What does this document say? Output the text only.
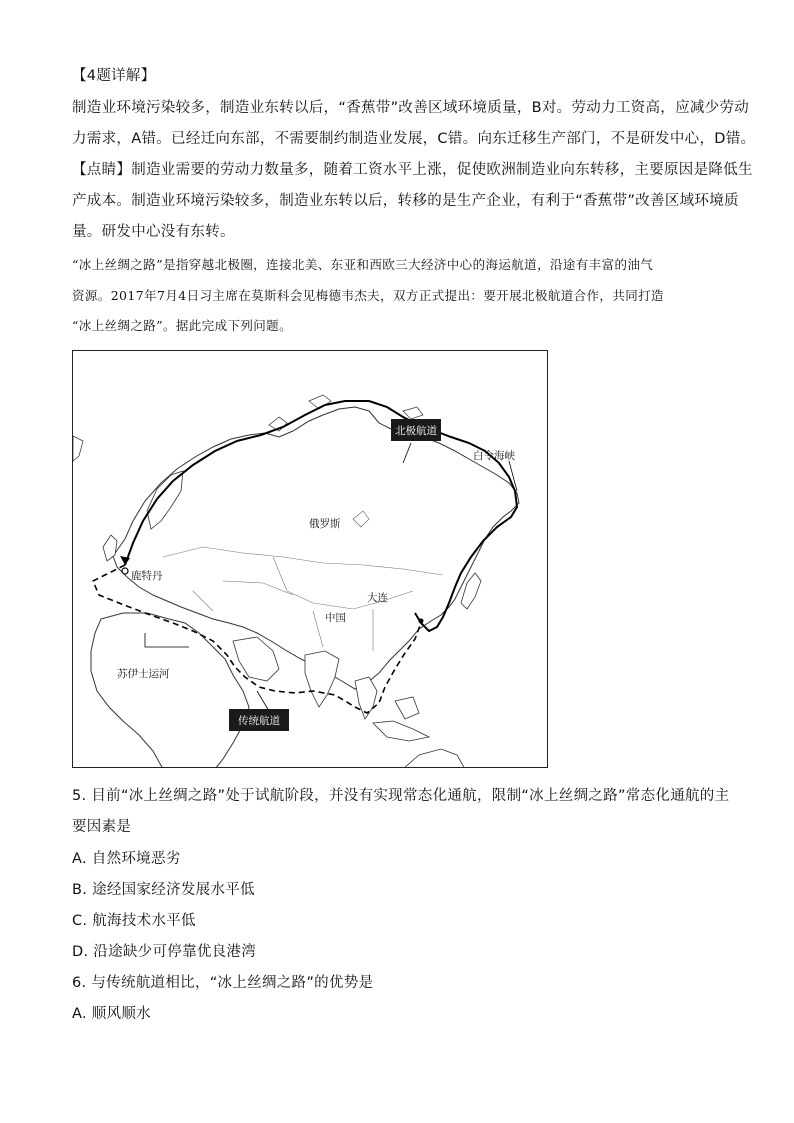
【4题详解】
制造业环境污染较多，制造业东转以后，“香蕉带”改善区域环境质量，B对。劳动力工资高，应减少劳动
力需求，A错。已经迁向东部，不需要制约制造业发展，C错。向东迁移生产部门，不是研发中心，D错。
【点睛】制造业需要的劳动力数量多，随着工资水平上涨，促使欧洲制造业向东转移，主要原因是降低生
产成本。制造业环境污染较多，制造业东转以后，转移的是生产企业，有利于“香蕉带”改善区域环境质
量。研发中心没有东转。
“冰上丝绸之路”是指穿越北极圈，连接北美、东亚和西欧三大经济中心的海运航道，沿途有丰富的油气
资源。2017年7月4日习主席在莫斯科会见梅德韦杰夫，双方正式提出：要开展北极航道合作，共同打造
“冰上丝绸之路”。据此完成下列问题。
北极航道
白令海峡
俄罗斯
鹿特丹
大连
中国
苏伊士运河
传统航道
5. 目前“冰上丝绸之路”处于试航阶段，并没有实现常态化通航，限制“冰上丝绸之路”常态化通航的主
要因素是
A. 自然环境恶劣
B. 途经国家经济发展水平低
C. 航海技术水平低
D. 沿途缺少可停靠优良港湾
6. 与传统航道相比，“冰上丝绸之路”的优势是
A. 顺风顺水
